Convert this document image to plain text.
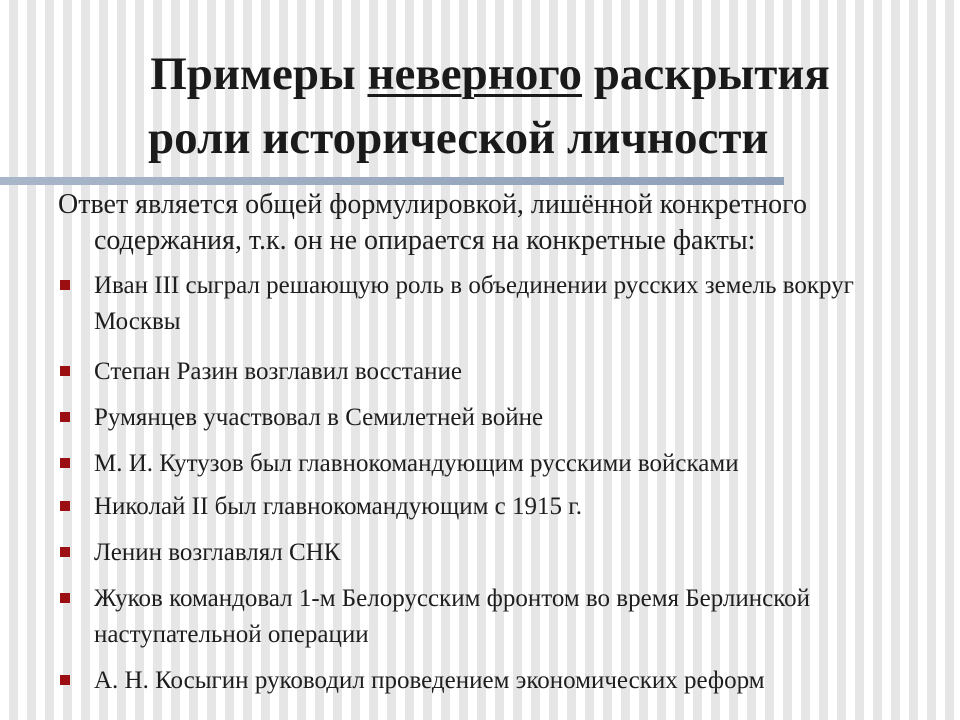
Примеры неверного раскрытия
роли исторической личности

Ответ является общей формулировкой, лишённой конкретного
содержания, т.к. он не опирается на конкретные факты:

Иван III сыграл решающую роль в объединении русских земель вокруг Москвы
Степан Разин возглавил восстание
Румянцев участвовал в Семилетней войне
М. И. Кутузов был главнокомандующим русскими войсками
Николай II был главнокомандующим с 1915 г.
Ленин возглавлял СНК
Жуков командовал 1-м Белорусским фронтом во время Берлинской наступательной операции
А. Н. Косыгин руководил проведением экономических реформ
